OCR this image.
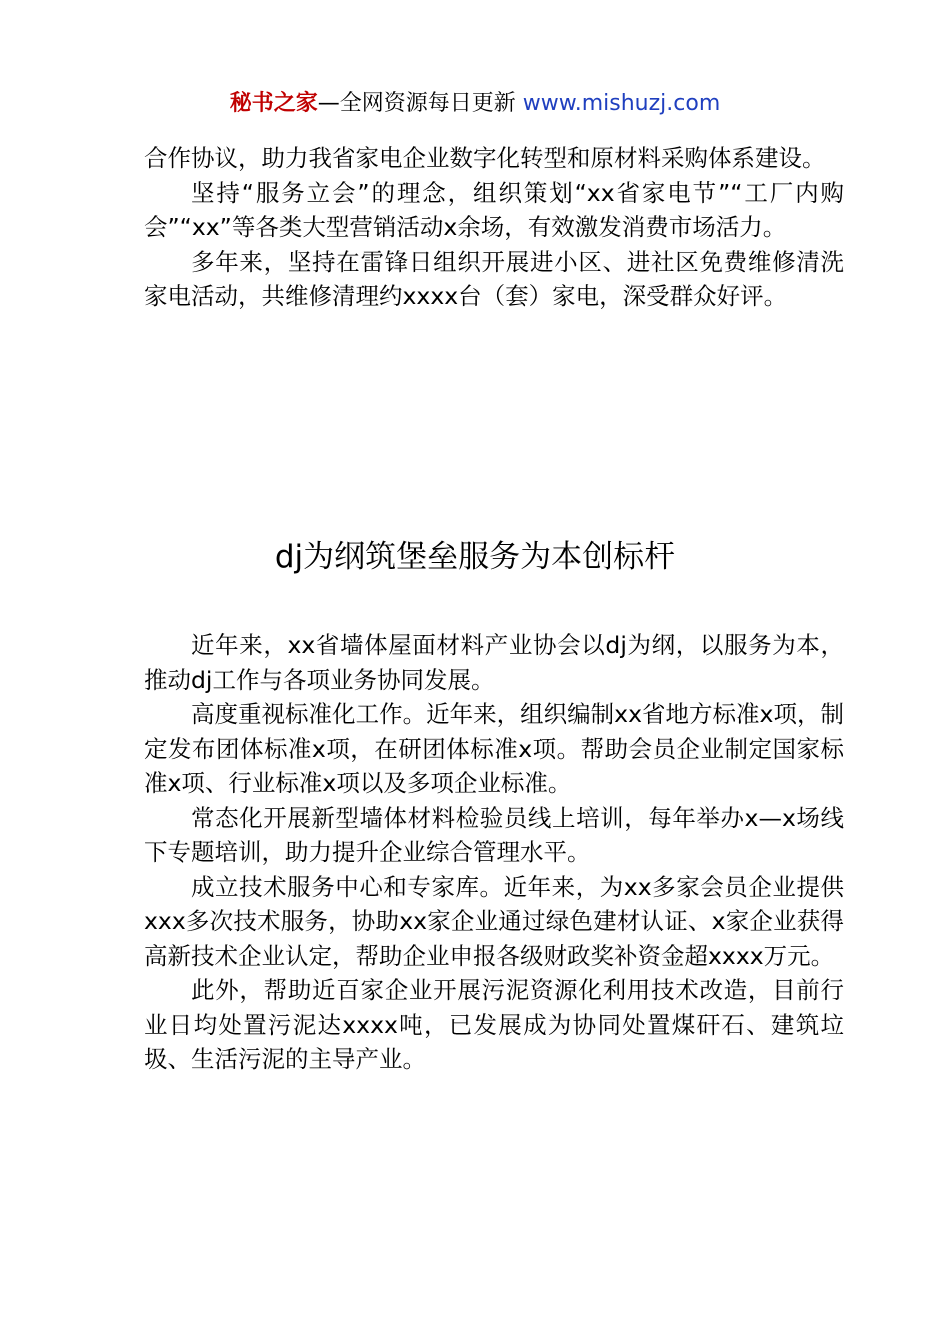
秘书之家—全网资源每日更新 www.mishuzj.com

合作协议，助力我省家电企业数字化转型和原材料采购体系建设。

坚持“服务立会”的理念，组织策划“xx省家电节”“工厂内购会”“xx”等各类大型营销活动x余场，有效激发消费市场活力。

多年来，坚持在雷锋日组织开展进小区、进社区免费维修清洗家电活动，共维修清理约xxxx台（套）家电，深受群众好评。

dj为纲筑堡垒服务为本创标杆

近年来，xx省墙体屋面材料产业协会以dj为纲，以服务为本，推动dj工作与各项业务协同发展。

高度重视标准化工作。近年来，组织编制xx省地方标准x项，制定发布团体标准x项，在研团体标准x项。帮助会员企业制定国家标准x项、行业标准x项以及多项企业标准。

常态化开展新型墙体材料检验员线上培训，每年举办x—x场线下专题培训，助力提升企业综合管理水平。

成立技术服务中心和专家库。近年来，为xx多家会员企业提供xxx多次技术服务，协助xx家企业通过绿色建材认证、x家企业获得高新技术企业认定，帮助企业申报各级财政奖补资金超xxxx万元。

此外，帮助近百家企业开展污泥资源化利用技术改造，目前行业日均处置污泥达xxxx吨，已发展成为协同处置煤矸石、建筑垃圾、生活污泥的主导产业。
